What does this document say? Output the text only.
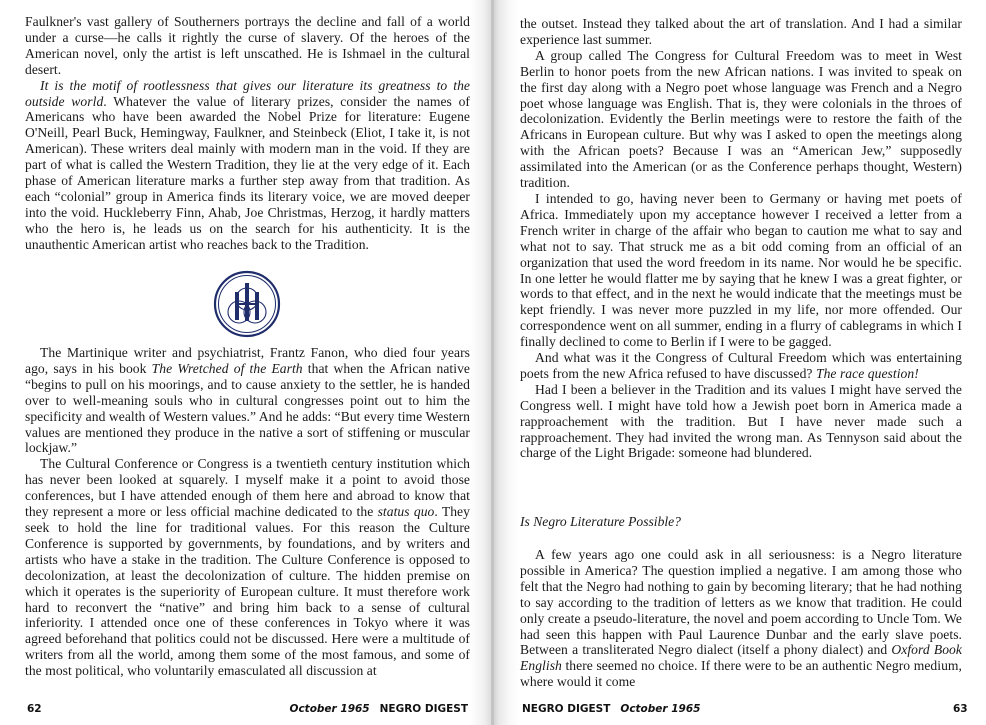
Faulkner's vast gallery of Southerners portrays the decline and fall of a world under a curse—he calls it rightly the curse of slavery. Of the heroes of the American novel, only the artist is left unscathed. He is Ishmael in the cultural desert.

It is the motif of rootlessness that gives our literature its greatness to the outside world. Whatever the value of literary prizes, consider the names of Americans who have been awarded the Nobel Prize for literature: Eugene O'Neill, Pearl Buck, Hemingway, Faulkner, and Steinbeck (Eliot, I take it, is not American). These writers deal mainly with modern man in the void. If they are part of what is called the Western Tradition, they lie at the very edge of it. Each phase of American literature marks a further step away from that tradition. As each “colonial” group in America finds its literary voice, we are moved deeper into the void. Huckleberry Finn, Ahab, Joe Christmas, Herzog, it hardly matters who the hero is, he leads us on the search for his authenticity. It is the unauthentic American artist who reaches back to the Tradition.

The Martinique writer and psychiatrist, Frantz Fanon, who died four years ago, says in his book The Wretched of the Earth that when the African native “begins to pull on his moorings, and to cause anxiety to the settler, he is handed over to well-meaning souls who in cultural congresses point out to him the specificity and wealth of Western values.” And he adds: “But every time Western values are mentioned they produce in the native a sort of stiffening or muscular lockjaw.”

The Cultural Conference or Congress is a twentieth century institution which has never been looked at squarely. I myself make it a point to avoid those conferences, but I have attended enough of them here and abroad to know that they represent a more or less official machine dedicated to the status quo. They seek to hold the line for traditional values. For this reason the Culture Conference is supported by governments, by foundations, and by writers and artists who have a stake in the tradition. The Culture Conference is opposed to decolonization, at least the decolonization of culture. The hidden premise on which it operates is the superiority of European culture. It must therefore work hard to reconvert the “native” and bring him back to a sense of cultural inferiority. I attended once one of these conferences in Tokyo where it was agreed beforehand that politics could not be discussed. Here were a multitude of writers from all the world, among them some of the most famous, and some of the most political, who voluntarily emasculated all discussion at

the outset. Instead they talked about the art of translation. And I had a similar experience last summer.

A group called The Congress for Cultural Freedom was to meet in West Berlin to honor poets from the new African nations. I was invited to speak on the first day along with a Negro poet whose language was French and a Negro poet whose language was English. That is, they were colonials in the throes of decolonization. Evidently the Berlin meetings were to restore the faith of the Africans in European culture. But why was I asked to open the meetings along with the African poets? Because I was an “American Jew,” supposedly assimilated into the American (or as the Conference perhaps thought, Western) tradition.

I intended to go, having never been to Germany or having met poets of Africa. Immediately upon my acceptance however I received a letter from a French writer in charge of the affair who began to caution me what to say and what not to say. That struck me as a bit odd coming from an official of an organization that used the word freedom in its name. Nor would he be specific. In one letter he would flatter me by saying that he knew I was a great fighter, or words to that effect, and in the next he would indicate that the meetings must be kept friendly. I was never more puzzled in my life, nor more offended. Our correspondence went on all summer, ending in a flurry of cablegrams in which I finally declined to come to Berlin if I were to be gagged.

And what was it the Congress of Cultural Freedom which was entertaining poets from the new Africa refused to have discussed? The race question!

Had I been a believer in the Tradition and its values I might have served the Congress well. I might have told how a Jewish poet born in America made a rapproachement with the tradition. But I have never made such a rapproachement. They had invited the wrong man. As Tennyson said about the charge of the Light Brigade: someone had blundered.

Is Negro Literature Possible?

A few years ago one could ask in all seriousness: is a Negro literature possible in America? The question implied a negative. I am among those who felt that the Negro had nothing to gain by becoming literary; that he had nothing to say according to the tradition of letters as we know that tradition. He could only create a pseudo-literature, the novel and poem according to Uncle Tom. We had seen this happen with Paul Laurence Dunbar and the early slave poets. Between a transliterated Negro dialect (itself a phony dialect) and Oxford Book English there seemed no choice. If there were to be an authentic Negro medium, where would it come

62	October 1965 NEGRO DIGEST	NEGRO DIGEST October 1965	63
